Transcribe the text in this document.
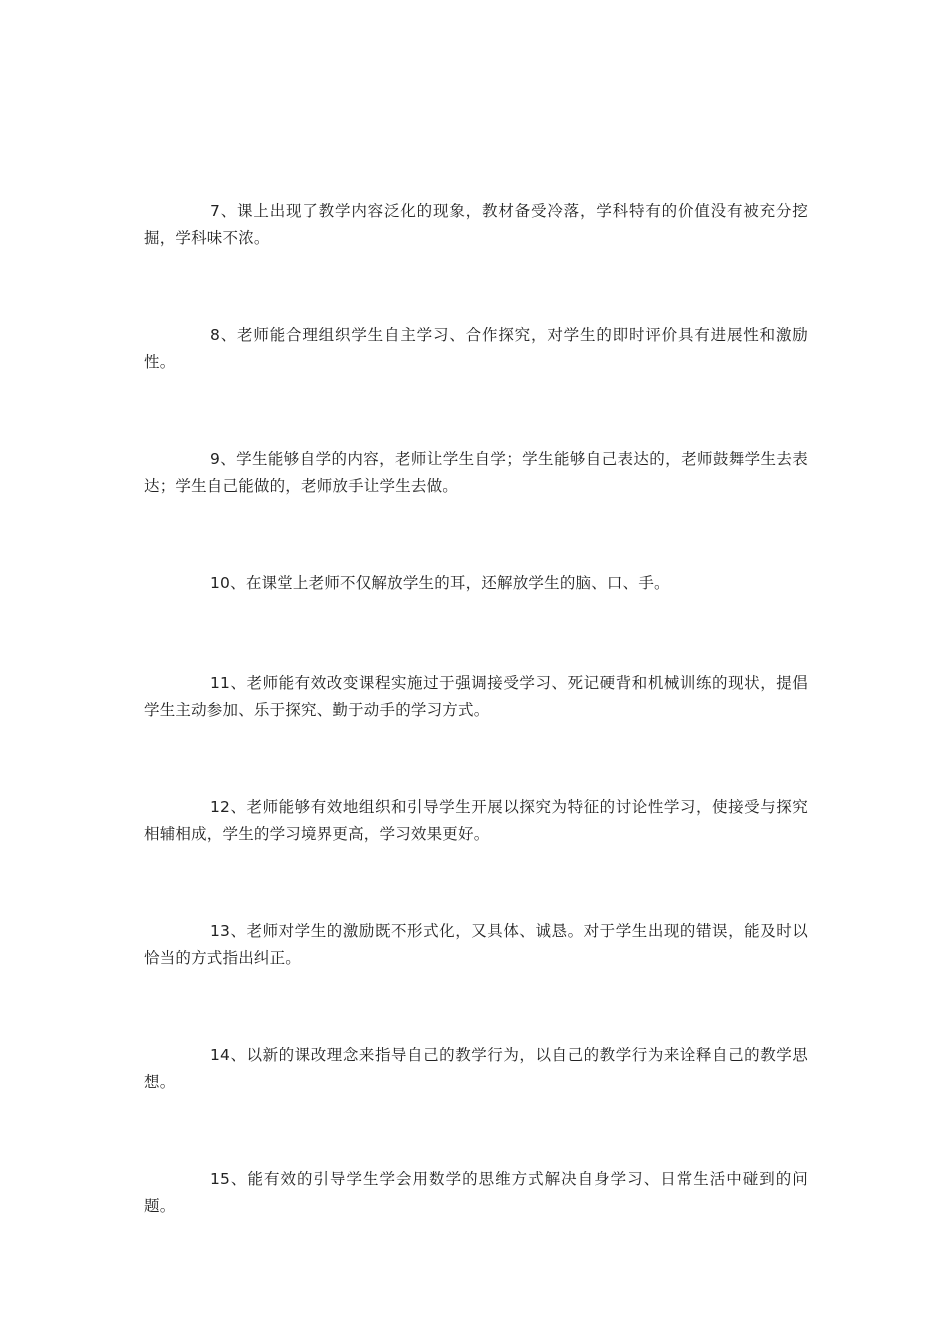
7、课上出现了教学内容泛化的现象，教材备受冷落，学科特有的价值没有被充分挖掘，学科味不浓。

8、老师能合理组织学生自主学习、合作探究，对学生的即时评价具有进展性和激励性。

9、学生能够自学的内容，老师让学生自学；学生能够自己表达的，老师鼓舞学生去表达；学生自己能做的，老师放手让学生去做。

10、在课堂上老师不仅解放学生的耳，还解放学生的脑、口、手。

11、老师能有效改变课程实施过于强调接受学习、死记硬背和机械训练的现状，提倡学生主动参加、乐于探究、勤于动手的学习方式。

12、老师能够有效地组织和引导学生开展以探究为特征的讨论性学习，使接受与探究相辅相成，学生的学习境界更高，学习效果更好。

13、老师对学生的激励既不形式化，又具体、诚恳。对于学生出现的错误，能及时以恰当的方式指出纠正。

14、以新的课改理念来指导自己的教学行为，以自己的教学行为来诠释自己的教学思想。

15、能有效的引导学生学会用数学的思维方式解决自身学习、日常生活中碰到的问题。
